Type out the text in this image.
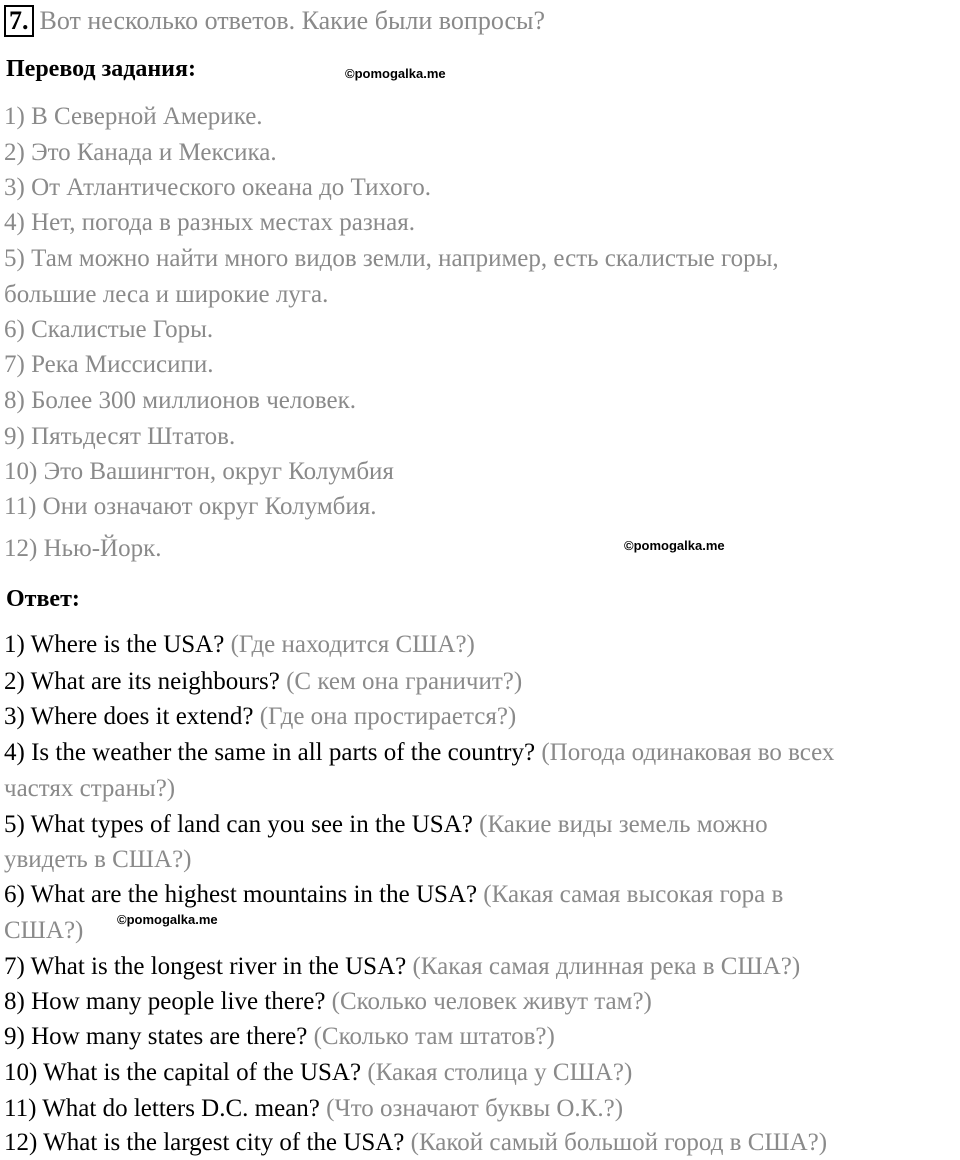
7. Вот несколько ответов. Какие были вопросы?
Перевод задания:	©pomogalka.me
1) В Северной Америке.
2) Это Канада и Мексика.
3) От Атлантического океана до Тихого.
4) Нет, погода в разных местах разная.
5) Там можно найти много видов земли, например, есть скалистые горы,
большие леса и широкие луга.
6) Скалистые Горы.
7) Река Миссисипи.
8) Более 300 миллионов человек.
9) Пятьдесят Штатов.
10) Это Вашингтон, округ Колумбия
11) Они означают округ Колумбия.
12) Нью-Йорк.	©pomogalka.me
Ответ:
1) Where is the USA? (Где находится США?)
2) What are its neighbours? (С кем она граничит?)
3) Where does it extend? (Где она простирается?)
4) Is the weather the same in all parts of the country? (Погода одинаковая во всех
частях страны?)
5) What types of land can you see in the USA? (Какие виды земель можно
увидеть в США?)
6) What are the highest mountains in the USA? (Какая самая высокая гора в
США?)	©pomogalka.me
7) What is the longest river in the USA? (Какая самая длинная река в США?)
8) How many people live there? (Сколько человек живут там?)
9) How many states are there? (Сколько там штатов?)
10) What is the capital of the USA? (Какая столица у США?)
11) What do letters D.C. mean? (Что означают буквы О.К.?)
12) What is the largest city of the USA? (Какой самый большой город в США?)
